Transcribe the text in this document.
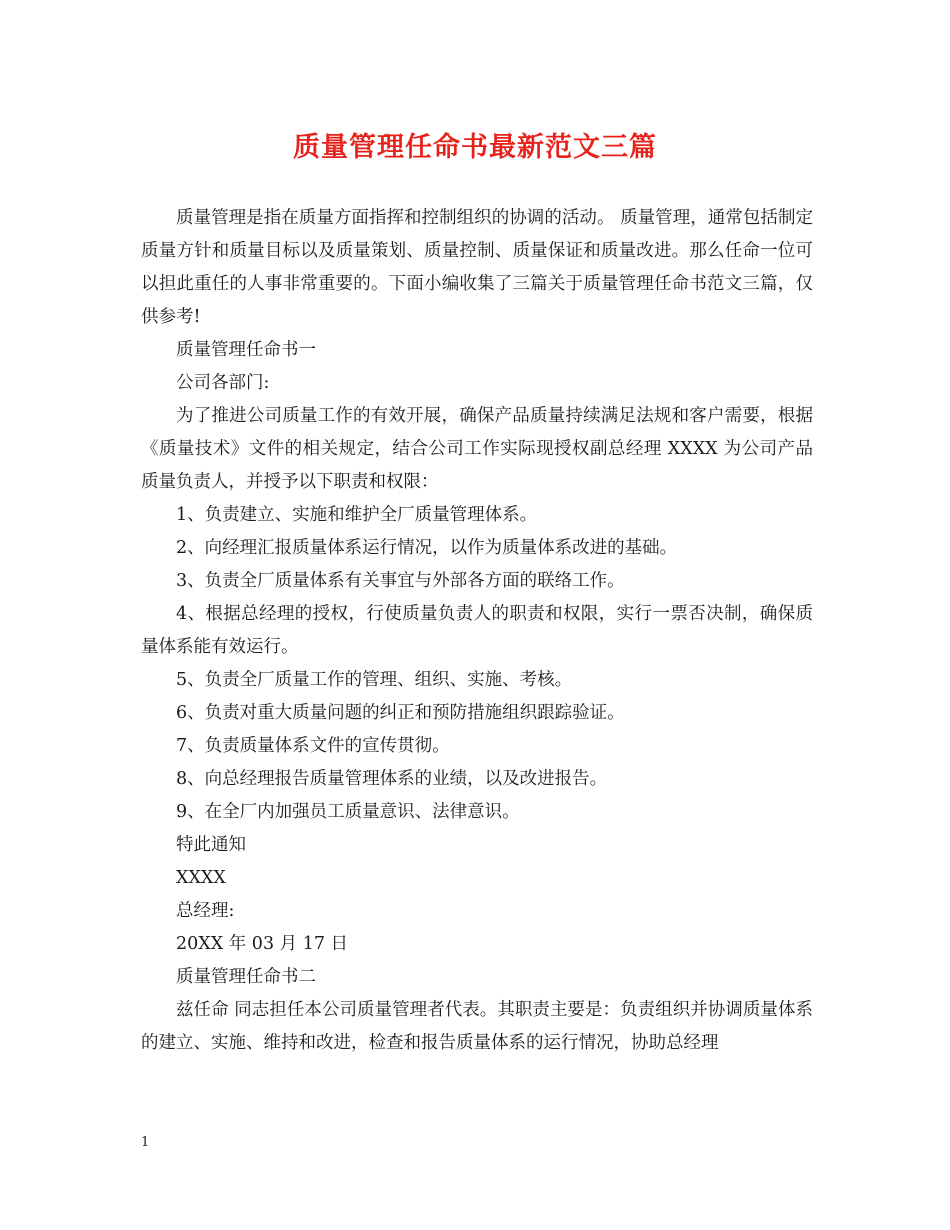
质量管理任命书最新范文三篇

质量管理是指在质量方面指挥和控制组织的协调的活动。 质量管理，通常包括制定质量方针和质量目标以及质量策划、质量控制、质量保证和质量改进。那么任命一位可以担此重任的人事非常重要的。下面小编收集了三篇关于质量管理任命书范文三篇，仅供参考!

质量管理任命书一

公司各部门:

为了推进公司质量工作的有效开展，确保产品质量持续满足法规和客户需要，根据《质量技术》文件的相关规定，结合公司工作实际现授权副总经理 XXXX 为公司产品质量负责人，并授予以下职责和权限：

1、负责建立、实施和维护全厂质量管理体系。

2、向经理汇报质量体系运行情况，以作为质量体系改进的基础。

3、负责全厂质量体系有关事宜与外部各方面的联络工作。

4、根据总经理的授权，行使质量负责人的职责和权限，实行一票否决制，确保质量体系能有效运行。

5、负责全厂质量工作的管理、组织、实施、考核。

6、负责对重大质量问题的纠正和预防措施组织跟踪验证。

7、负责质量体系文件的宣传贯彻。

8、向总经理报告质量管理体系的业绩，以及改进报告。

9、在全厂内加强员工质量意识、法律意识。

特此通知

XXXX

总经理:

20XX 年 03 月 17 日

质量管理任命书二

兹任命 同志担任本公司质量管理者代表。其职责主要是：负责组织并协调质量体系的建立、实施、维持和改进，检查和报告质量体系的运行情况，协助总经理

1
